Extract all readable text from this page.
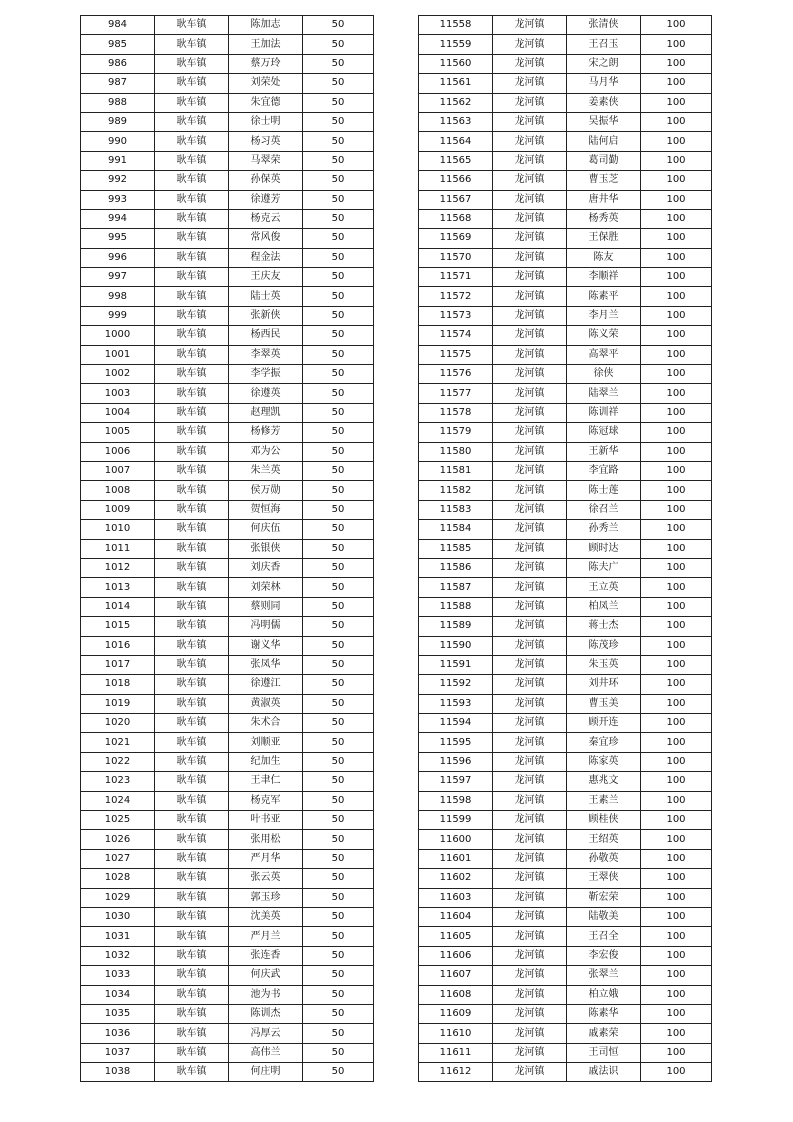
984	耿车镇	陈加志	50
985	耿车镇	王加法	50
986	耿车镇	蔡万玲	50
987	耿车镇	刘荣处	50
988	耿车镇	朱宜德	50
989	耿车镇	徐士明	50
990	耿车镇	杨习英	50
991	耿车镇	马翠荣	50
992	耿车镇	孙保英	50
993	耿车镇	徐遵芳	50
994	耿车镇	杨克云	50
995	耿车镇	常风俊	50
996	耿车镇	程金法	50
997	耿车镇	王庆友	50
998	耿车镇	陆士英	50
999	耿车镇	张新侠	50
1000	耿车镇	杨西民	50
1001	耿车镇	李翠英	50
1002	耿车镇	李学振	50
1003	耿车镇	徐遵英	50
1004	耿车镇	赵理凯	50
1005	耿车镇	杨修芳	50
1006	耿车镇	邓为公	50
1007	耿车镇	朱兰英	50
1008	耿车镇	侯万勋	50
1009	耿车镇	贺恒海	50
1010	耿车镇	何庆伍	50
1011	耿车镇	张银侠	50
1012	耿车镇	刘庆香	50
1013	耿车镇	刘荣林	50
1014	耿车镇	蔡则同	50
1015	耿车镇	冯明儒	50
1016	耿车镇	谢义华	50
1017	耿车镇	张凤华	50
1018	耿车镇	徐遵江	50
1019	耿车镇	黄淑英	50
1020	耿车镇	朱术合	50
1021	耿车镇	刘顺亚	50
1022	耿车镇	纪加生	50
1023	耿车镇	王聿仁	50
1024	耿车镇	杨克军	50
1025	耿车镇	叶书亚	50
1026	耿车镇	张用松	50
1027	耿车镇	严月华	50
1028	耿车镇	张云英	50
1029	耿车镇	郭玉珍	50
1030	耿车镇	沈美英	50
1031	耿车镇	严月兰	50
1032	耿车镇	张连香	50
1033	耿车镇	何庆武	50
1034	耿车镇	池为书	50
1035	耿车镇	陈训杰	50
1036	耿车镇	冯厚云	50
1037	耿车镇	高伟兰	50
1038	耿车镇	何庄明	50
11558	龙河镇	张清侠	100
11559	龙河镇	王召玉	100
11560	龙河镇	宋之朗	100
11561	龙河镇	马月华	100
11562	龙河镇	姜素侠	100
11563	龙河镇	吴振华	100
11564	龙河镇	陆何启	100
11565	龙河镇	葛司勤	100
11566	龙河镇	曹玉芝	100
11567	龙河镇	唐井华	100
11568	龙河镇	杨秀英	100
11569	龙河镇	王保胜	100
11570	龙河镇	陈友	100
11571	龙河镇	李顺祥	100
11572	龙河镇	陈素平	100
11573	龙河镇	李月兰	100
11574	龙河镇	陈义荣	100
11575	龙河镇	高翠平	100
11576	龙河镇	徐侠	100
11577	龙河镇	陆翠兰	100
11578	龙河镇	陈训祥	100
11579	龙河镇	陈冠球	100
11580	龙河镇	王新华	100
11581	龙河镇	李宜路	100
11582	龙河镇	陈士莲	100
11583	龙河镇	徐召兰	100
11584	龙河镇	孙秀兰	100
11585	龙河镇	顾时达	100
11586	龙河镇	陈夫广	100
11587	龙河镇	王立英	100
11588	龙河镇	柏凤兰	100
11589	龙河镇	蒋士杰	100
11590	龙河镇	陈茂珍	100
11591	龙河镇	朱玉英	100
11592	龙河镇	刘井环	100
11593	龙河镇	曹玉美	100
11594	龙河镇	顾开连	100
11595	龙河镇	秦宜珍	100
11596	龙河镇	陈家英	100
11597	龙河镇	惠兆文	100
11598	龙河镇	王素兰	100
11599	龙河镇	顾桂侠	100
11600	龙河镇	王绍英	100
11601	龙河镇	孙敬英	100
11602	龙河镇	王翠侠	100
11603	龙河镇	靳宏荣	100
11604	龙河镇	陆敬美	100
11605	龙河镇	王召全	100
11606	龙河镇	李宏俊	100
11607	龙河镇	张翠兰	100
11608	龙河镇	柏立娥	100
11609	龙河镇	陈素华	100
11610	龙河镇	戚素荣	100
11611	龙河镇	王司恒	100
11612	龙河镇	戚法识	100
